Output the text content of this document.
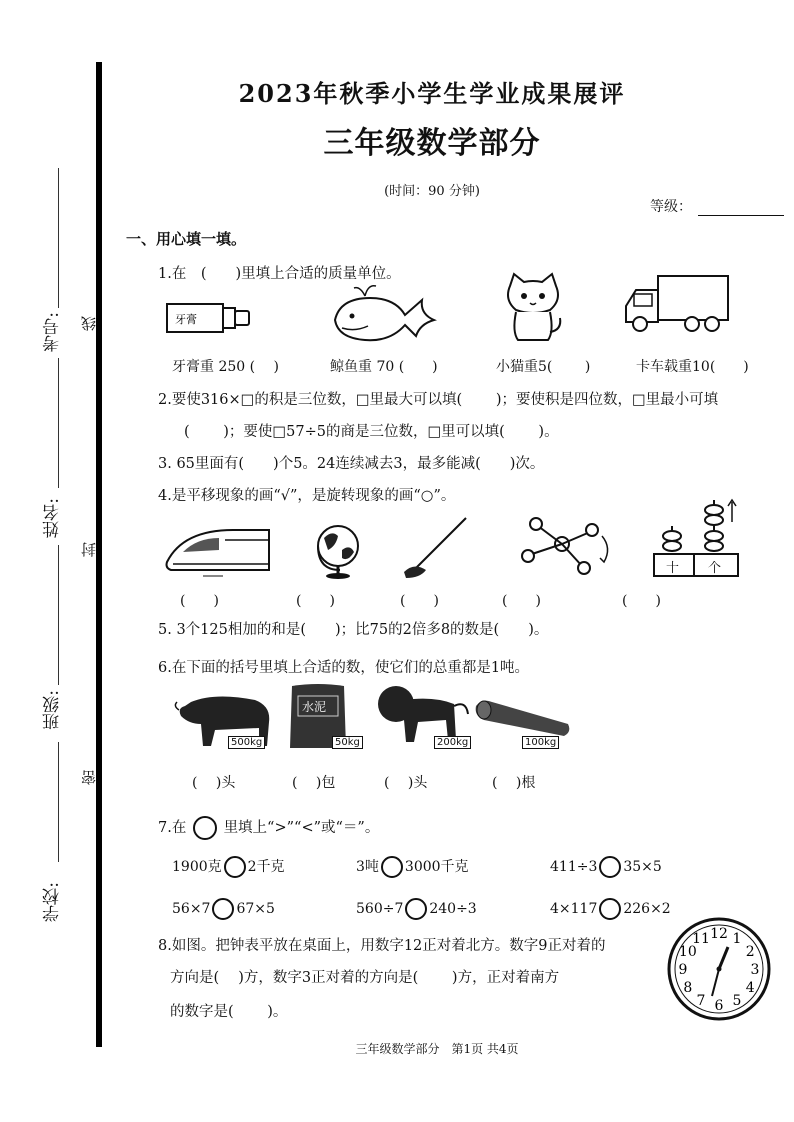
考号:
姓名:
班级:
学校:
线
封
密
2023年秋季小学生学业成果展评
三年级数学部分
(时间：90 分钟)
等级：
一、用心填一填。
1.在　(　　)里填上合适的质量单位。
牙膏
牙膏重 250 (　 )	鲸鱼重 70 (　　)	小猫重5(　　 )	卡车载重10(　　)
2.要使316×□的积是三位数，□里最大可以填(　　 )；要使积是四位数，□里最小可填
(　　 )；要使□57÷5的商是三位数，□里可以填(　　 )。
3. 65里面有(　　)个5。24连续减去3，最多能减(　　)次。
4.是平移现象的画“√”，是旋转现象的画“○”。
十 个
(　　)	(　　)	(　　)	(　　)	(　　)
5. 3个125相加的和是(　　)；比75的2倍多8的数是(　　)。
6.在下面的括号里填上合适的数，使它们的总重都是1吨。
500kg
水泥
50kg	200kg	100kg
(　 )头	(　 )包	(　 )头	(　 )根
7.在	里填上“>”“<”或“＝”。
1900克 2千克	3吨 3000千克	411÷3 35×5
56×7 67×5	560÷7 240÷3	4×117 226×2
8.如图。把钟表平放在桌面上，用数字12正对着北方。数字9正对着的
方向是(　 )方，数字3正对着的方向是(　　 )方，正对着南方
的数字是(　　 )。
12 1
2
3
4
5
6
7
8
9
10
11
三年级数学部分　第1页 共4页
